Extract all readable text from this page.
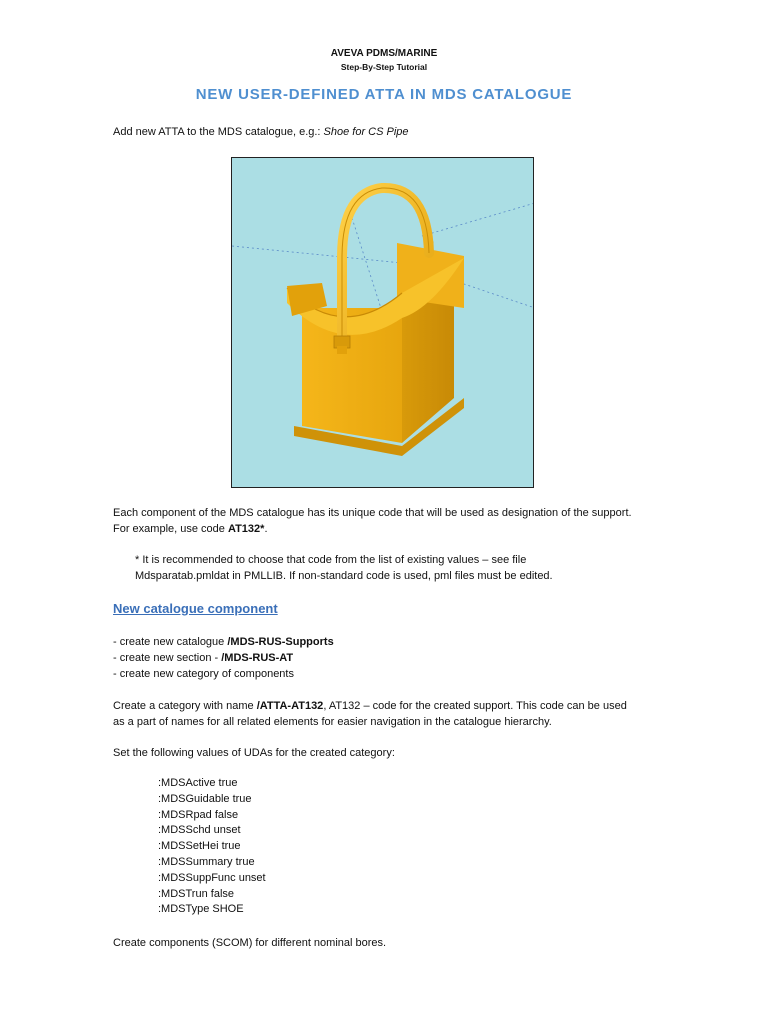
AVEVA PDMS/MARINE
Step-By-Step Tutorial
NEW USER-DEFINED ATTA IN MDS CATALOGUE
Add new ATTA to the MDS catalogue, e.g.: Shoe for CS Pipe
Each component of the MDS catalogue has its unique code that will be used as designation of the support.
For example, use code AT132*.
* It is recommended to choose that code from the list of existing values – see file
Mdsparatab.pmldat in PMLLIB. If non-standard code is used, pml files must be edited.
New catalogue component
- create new catalogue /MDS-RUS-Supports
- create new section - /MDS-RUS-AT
- create new category of components
Create a category with name /ATTA-AT132, AT132 – code for the created support. This code can be used
as a part of names for all related elements for easier navigation in the catalogue hierarchy.
Set the following values of UDAs for the created category:
:MDSActive true
:MDSGuidable true
:MDSRpad false
:MDSSchd unset
:MDSSetHei true
:MDSSummary true
:MDSSuppFunc unset
:MDSTrun false
:MDSType SHOE
Create components (SCOM) for different nominal bores.
